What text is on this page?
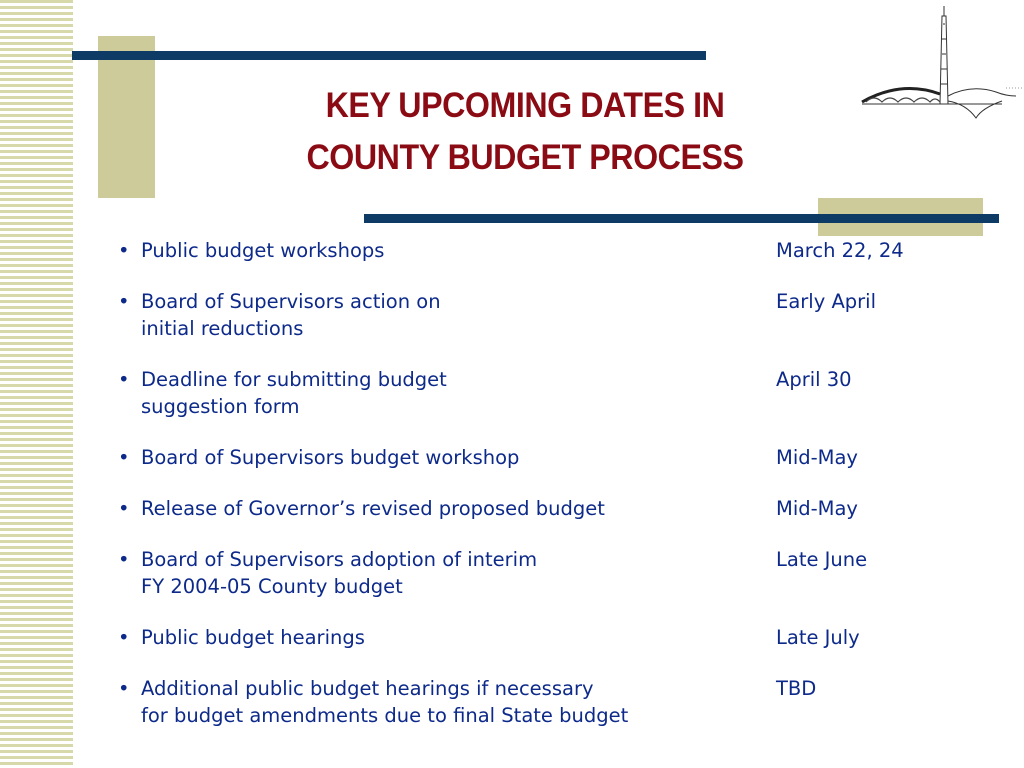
KEY UPCOMING DATES IN
COUNTY BUDGET PROCESS
• Public budget workshops	March 22, 24
• Board of Supervisors action on
initial reductions
Early April
• Deadline for submitting budget
suggestion form
April 30
• Board of Supervisors budget workshop	Mid-May
• Release of Governor’s revised proposed budget	Mid-May
• Board of Supervisors adoption of interim
FY 2004-05 County budget
Late June
• Public budget hearings	Late July
• Additional public budget hearings if necessary
for budget amendments due to final State budget
TBD
